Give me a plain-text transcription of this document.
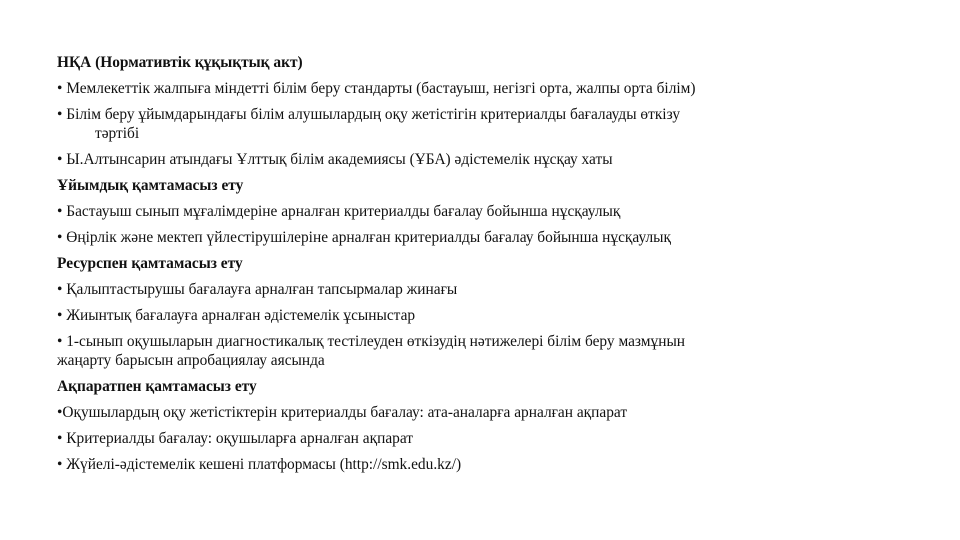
НҚА (Нормативтік құқықтық акт)
• Мемлекеттік жалпыға міндетті білім беру стандарты (бастауыш, негізгі орта, жалпы орта білім)
• Білім беру ұйымдарындағы білім алушылардың оқу жетістігін критериалды бағалауды өткізу
тәртібі
• Ы.Алтынсарин атындағы Ұлттық білім академиясы (ҰБА) әдістемелік нұсқау хаты
Ұйымдық қамтамасыз ету
• Бастауыш сынып мұғалімдеріне арналған критериалды бағалау бойынша нұсқаулық
• Өңірлік және мектеп үйлестірушілеріне арналған критериалды бағалау бойынша нұсқаулық
Ресурспен қамтамасыз ету
• Қалыптастырушы бағалауға арналған тапсырмалар жинағы
• Жиынтық бағалауға арналған әдістемелік ұсыныстар
• 1-сынып оқушыларын диагностикалық тестілеуден өткізудің нәтижелері білім беру мазмұнын
жаңарту барысын апробациялау аясында
Ақпаратпен қамтамасыз ету
•Оқушылардың оқу жетістіктерін критериалды бағалау: ата-аналарға арналған ақпарат
• Критериалды бағалау: оқушыларға арналған ақпарат
• Жүйелі-әдістемелік кешені платформасы (http://smk.edu.kz/)
